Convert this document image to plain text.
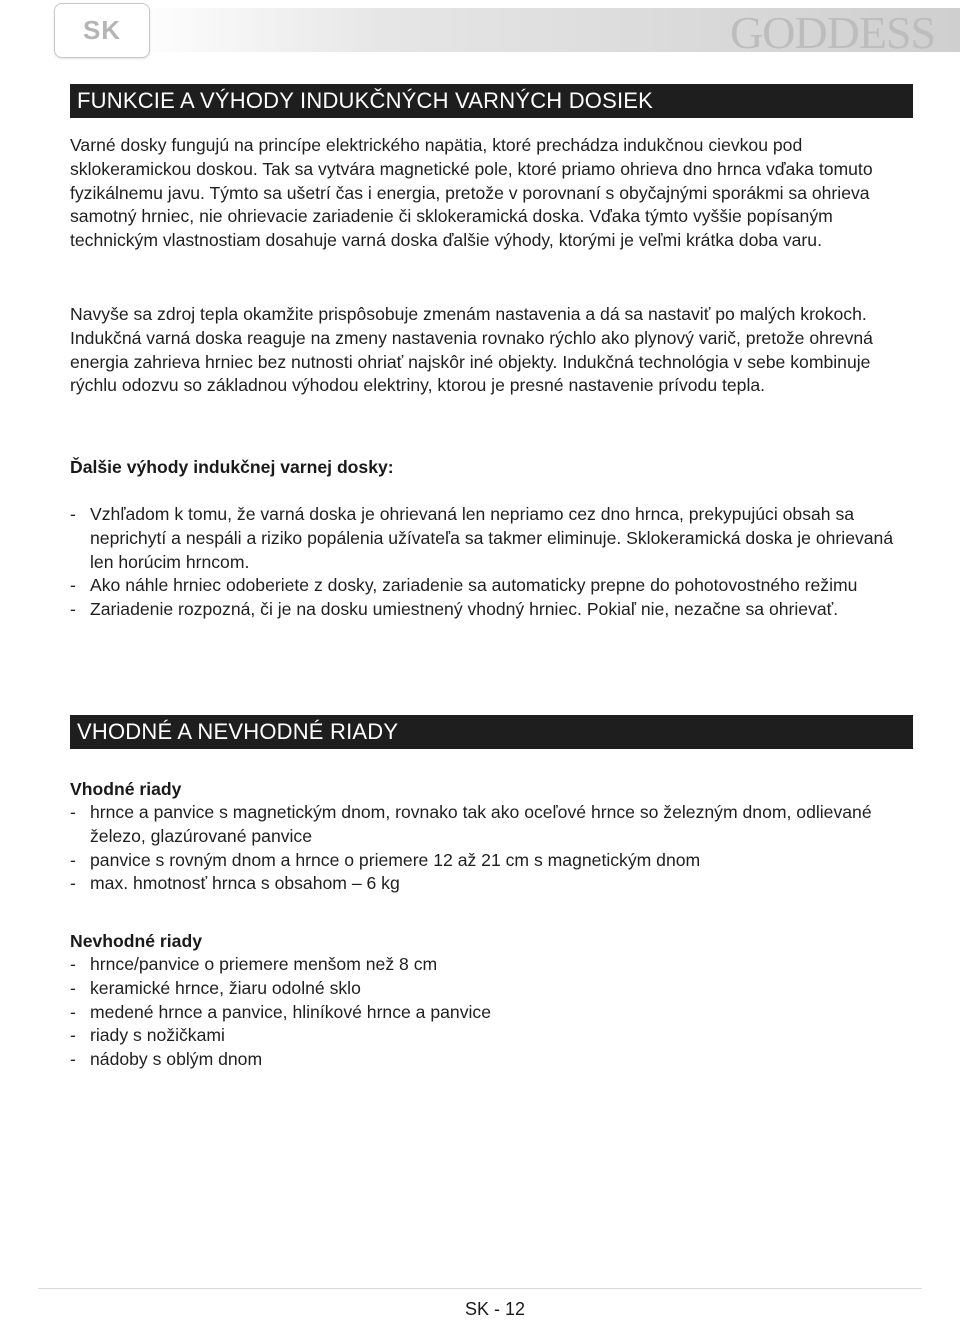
SK	GODDESS
FUNKCIE A VÝHODY INDUKČNÝCH VARNÝCH DOSIEK

Varné dosky fungujú na princípe elektrického napätia, ktoré prechádza indukčnou cievkou pod sklokeramickou doskou. Tak sa vytvára magnetické pole, ktoré priamo ohrieva dno hrnca vďaka tomuto fyzikálnemu javu. Týmto sa ušetrí čas i energia, pretože v porovnaní s obyčajnými sporákmi sa ohrieva samotný hrniec, nie ohrievacie zariadenie či sklokeramická doska. Vďaka týmto vyššie popísaným technickým vlastnostiam dosahuje varná doska ďalšie výhody, ktorými je veľmi krátka doba varu.

Navyše sa zdroj tepla okamžite prispôsobuje zmenám nastavenia a dá sa nastaviť po malých krokoch. Indukčná varná doska reaguje na zmeny nastavenia rovnako rýchlo ako plynový varič, pretože ohrevná energia zahrieva hrniec bez nutnosti ohriať najskôr iné objekty. Indukčná technológia v sebe kombinuje rýchlu odozvu so základnou výhodou elektriny, ktorou je presné nastavenie prívodu tepla.

Ďalšie výhody indukčnej varnej dosky:
- Vzhľadom k tomu, že varná doska je ohrievaná len nepriamo cez dno hrnca, prekypujúci obsah sa neprichytí a nespáli a riziko popálenia užívateľa sa takmer eliminuje. Sklokeramická doska je ohrievaná len horúcim hrncom.
- Ako náhle hrniec odoberiete z dosky, zariadenie sa automaticky prepne do pohotovostného režimu
- Zariadenie rozpozná, či je na dosku umiestnený vhodný hrniec. Pokiaľ nie, nezačne sa ohrievať.
VHODNÉ A NEVHODNÉ RIADY
Vhodné riady
- hrnce a panvice s magnetickým dnom, rovnako tak ako oceľové hrnce so železným dnom, odlievané železo, glazúrované panvice
- panvice s rovným dnom a hrnce o priemere 12 až 21 cm s magnetickým dnom
- max. hmotnosť hrnca s obsahom – 6 kg
Nevhodné riady
- hrnce/panvice o priemere menšom než 8 cm
- keramické hrnce, žiaru odolné sklo
- medené hrnce a panvice, hliníkové hrnce a panvice
- riady s nožičkami
- nádoby s oblým dnom
SK - 12
